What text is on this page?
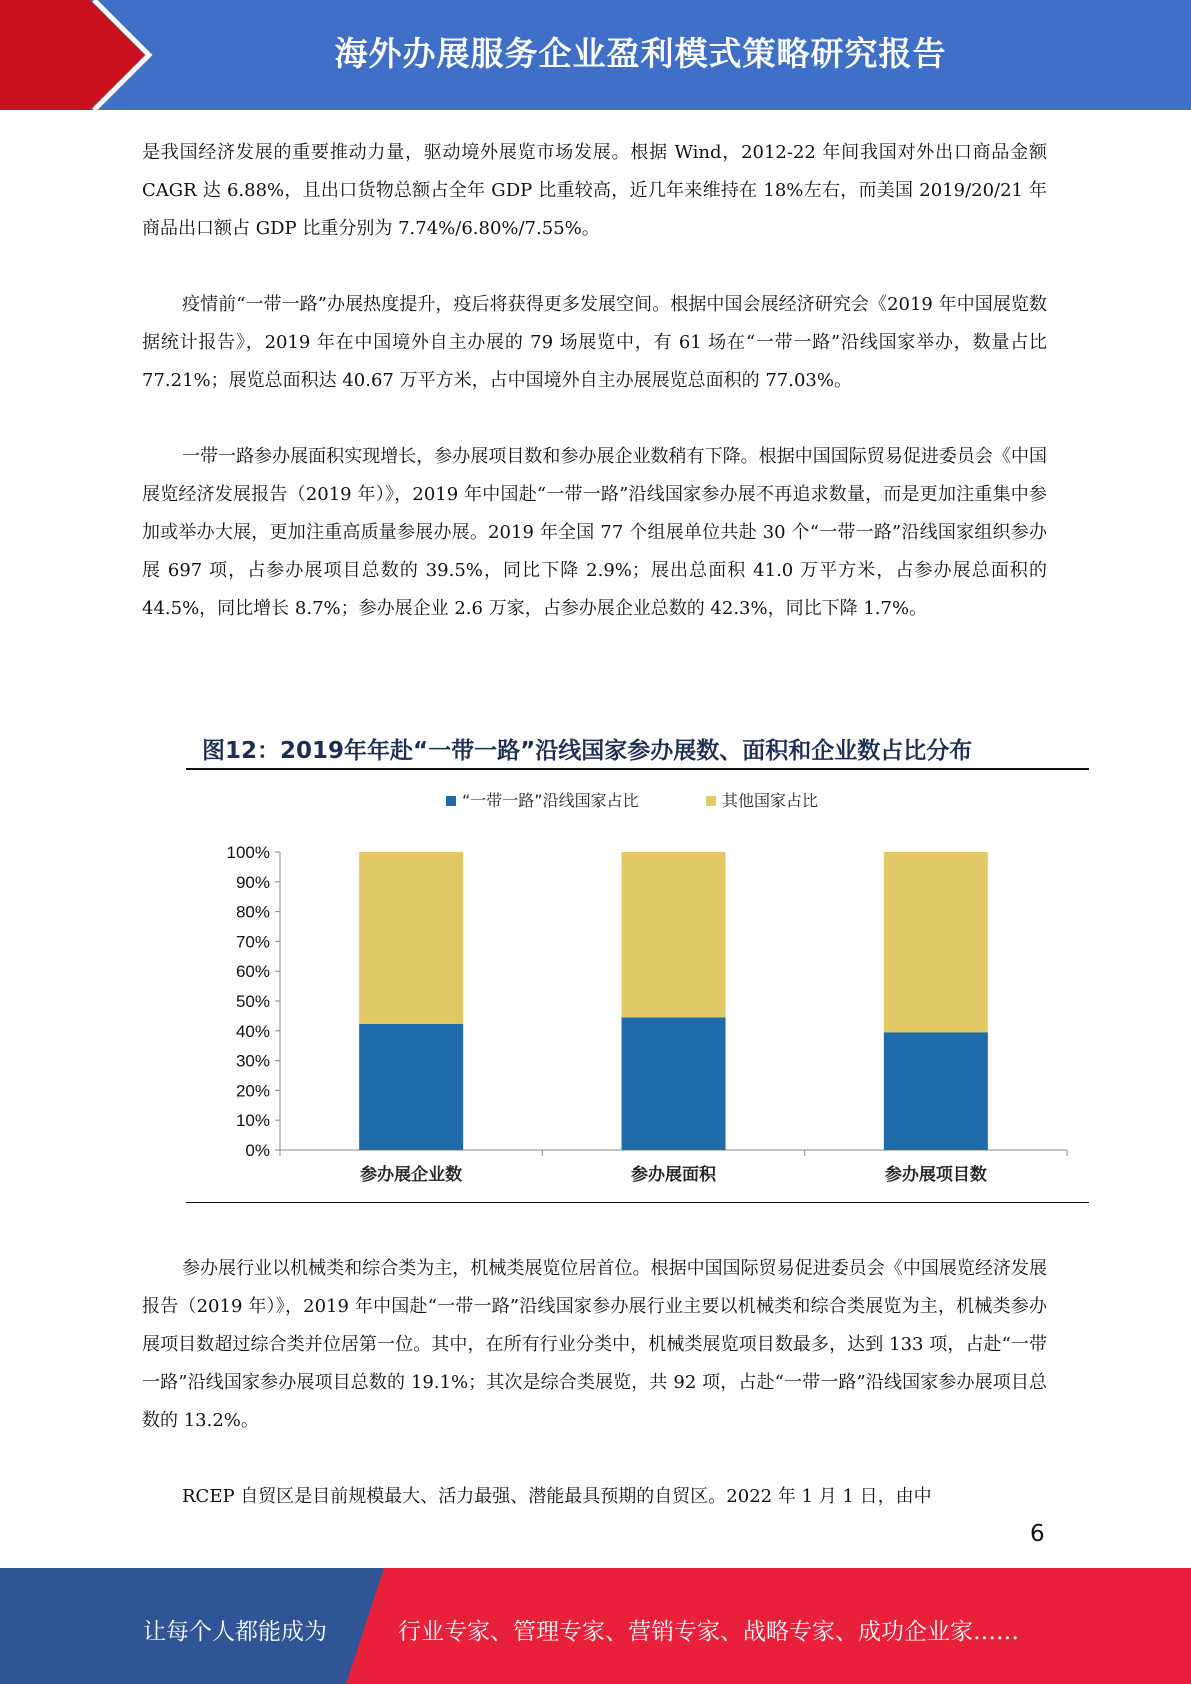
海外办展服务企业盈利模式策略研究报告

是我国经济发展的重要推动力量，驱动境外展览市场发展。根据 Wind，2012-22 年间我国对外出口商品金额 CAGR 达 6.88%，且出口货物总额占全年 GDP 比重较高，近几年来维持在 18%左右，而美国 2019/20/21 年商品出口额占 GDP 比重分别为 7.74%/6.80%/7.55%。

疫情前“一带一路”办展热度提升，疫后将获得更多发展空间。根据中国会展经济研究会《2019 年中国展览数据统计报告》，2019 年在中国境外自主办展的 79 场展览中，有 61 场在“一带一路”沿线国家举办，数量占比 77.21%；展览总面积达 40.67 万平方米，占中国境外自主办展展览总面积的 77.03%。

一带一路参办展面积实现增长，参办展项目数和参办展企业数稍有下降。根据中国国际贸易促进委员会《中国展览经济发展报告（2019 年）》，2019 年中国赴“一带一路”沿线国家参办展不再追求数量，而是更加注重集中参加或举办大展，更加注重高质量参展办展。2019 年全国 77 个组展单位共赴 30 个“一带一路”沿线国家组织参办展 697 项，占参办展项目总数的 39.5%，同比下降 2.9%；展出总面积 41.0 万平方米，占参办展总面积的 44.5%，同比增长 8.7%；参办展企业 2.6 万家，占参办展企业总数的 42.3%，同比下降 1.7%。

图12：2019年年赴“一带一路”沿线国家参办展数、面积和企业数占比分布
“一带一路”沿线国家占比	其他国家占比
0%
10%
20%
30%
40%
50%
60%
70%
80%
90%
100%
参办展企业数	参办展面积	参办展项目数

参办展行业以机械类和综合类为主，机械类展览位居首位。根据中国国际贸易促进委员会《中国展览经济发展报告（2019 年）》，2019 年中国赴“一带一路”沿线国家参办展行业主要以机械类和综合类展览为主，机械类参办展项目数超过综合类并位居第一位。其中，在所有行业分类中，机械类展览项目数最多，达到 133 项，占赴“一带一路”沿线国家参办展项目总数的 19.1%；其次是综合类展览，共 92 项，占赴“一带一路”沿线国家参办展项目总数的 13.2%。

RCEP 自贸区是目前规模最大、活力最强、潜能最具预期的自贸区。2022 年 1 月 1 日，由中

6
让每个人都能成为	行业专家、管理专家、营销专家、战略专家、成功企业家……
